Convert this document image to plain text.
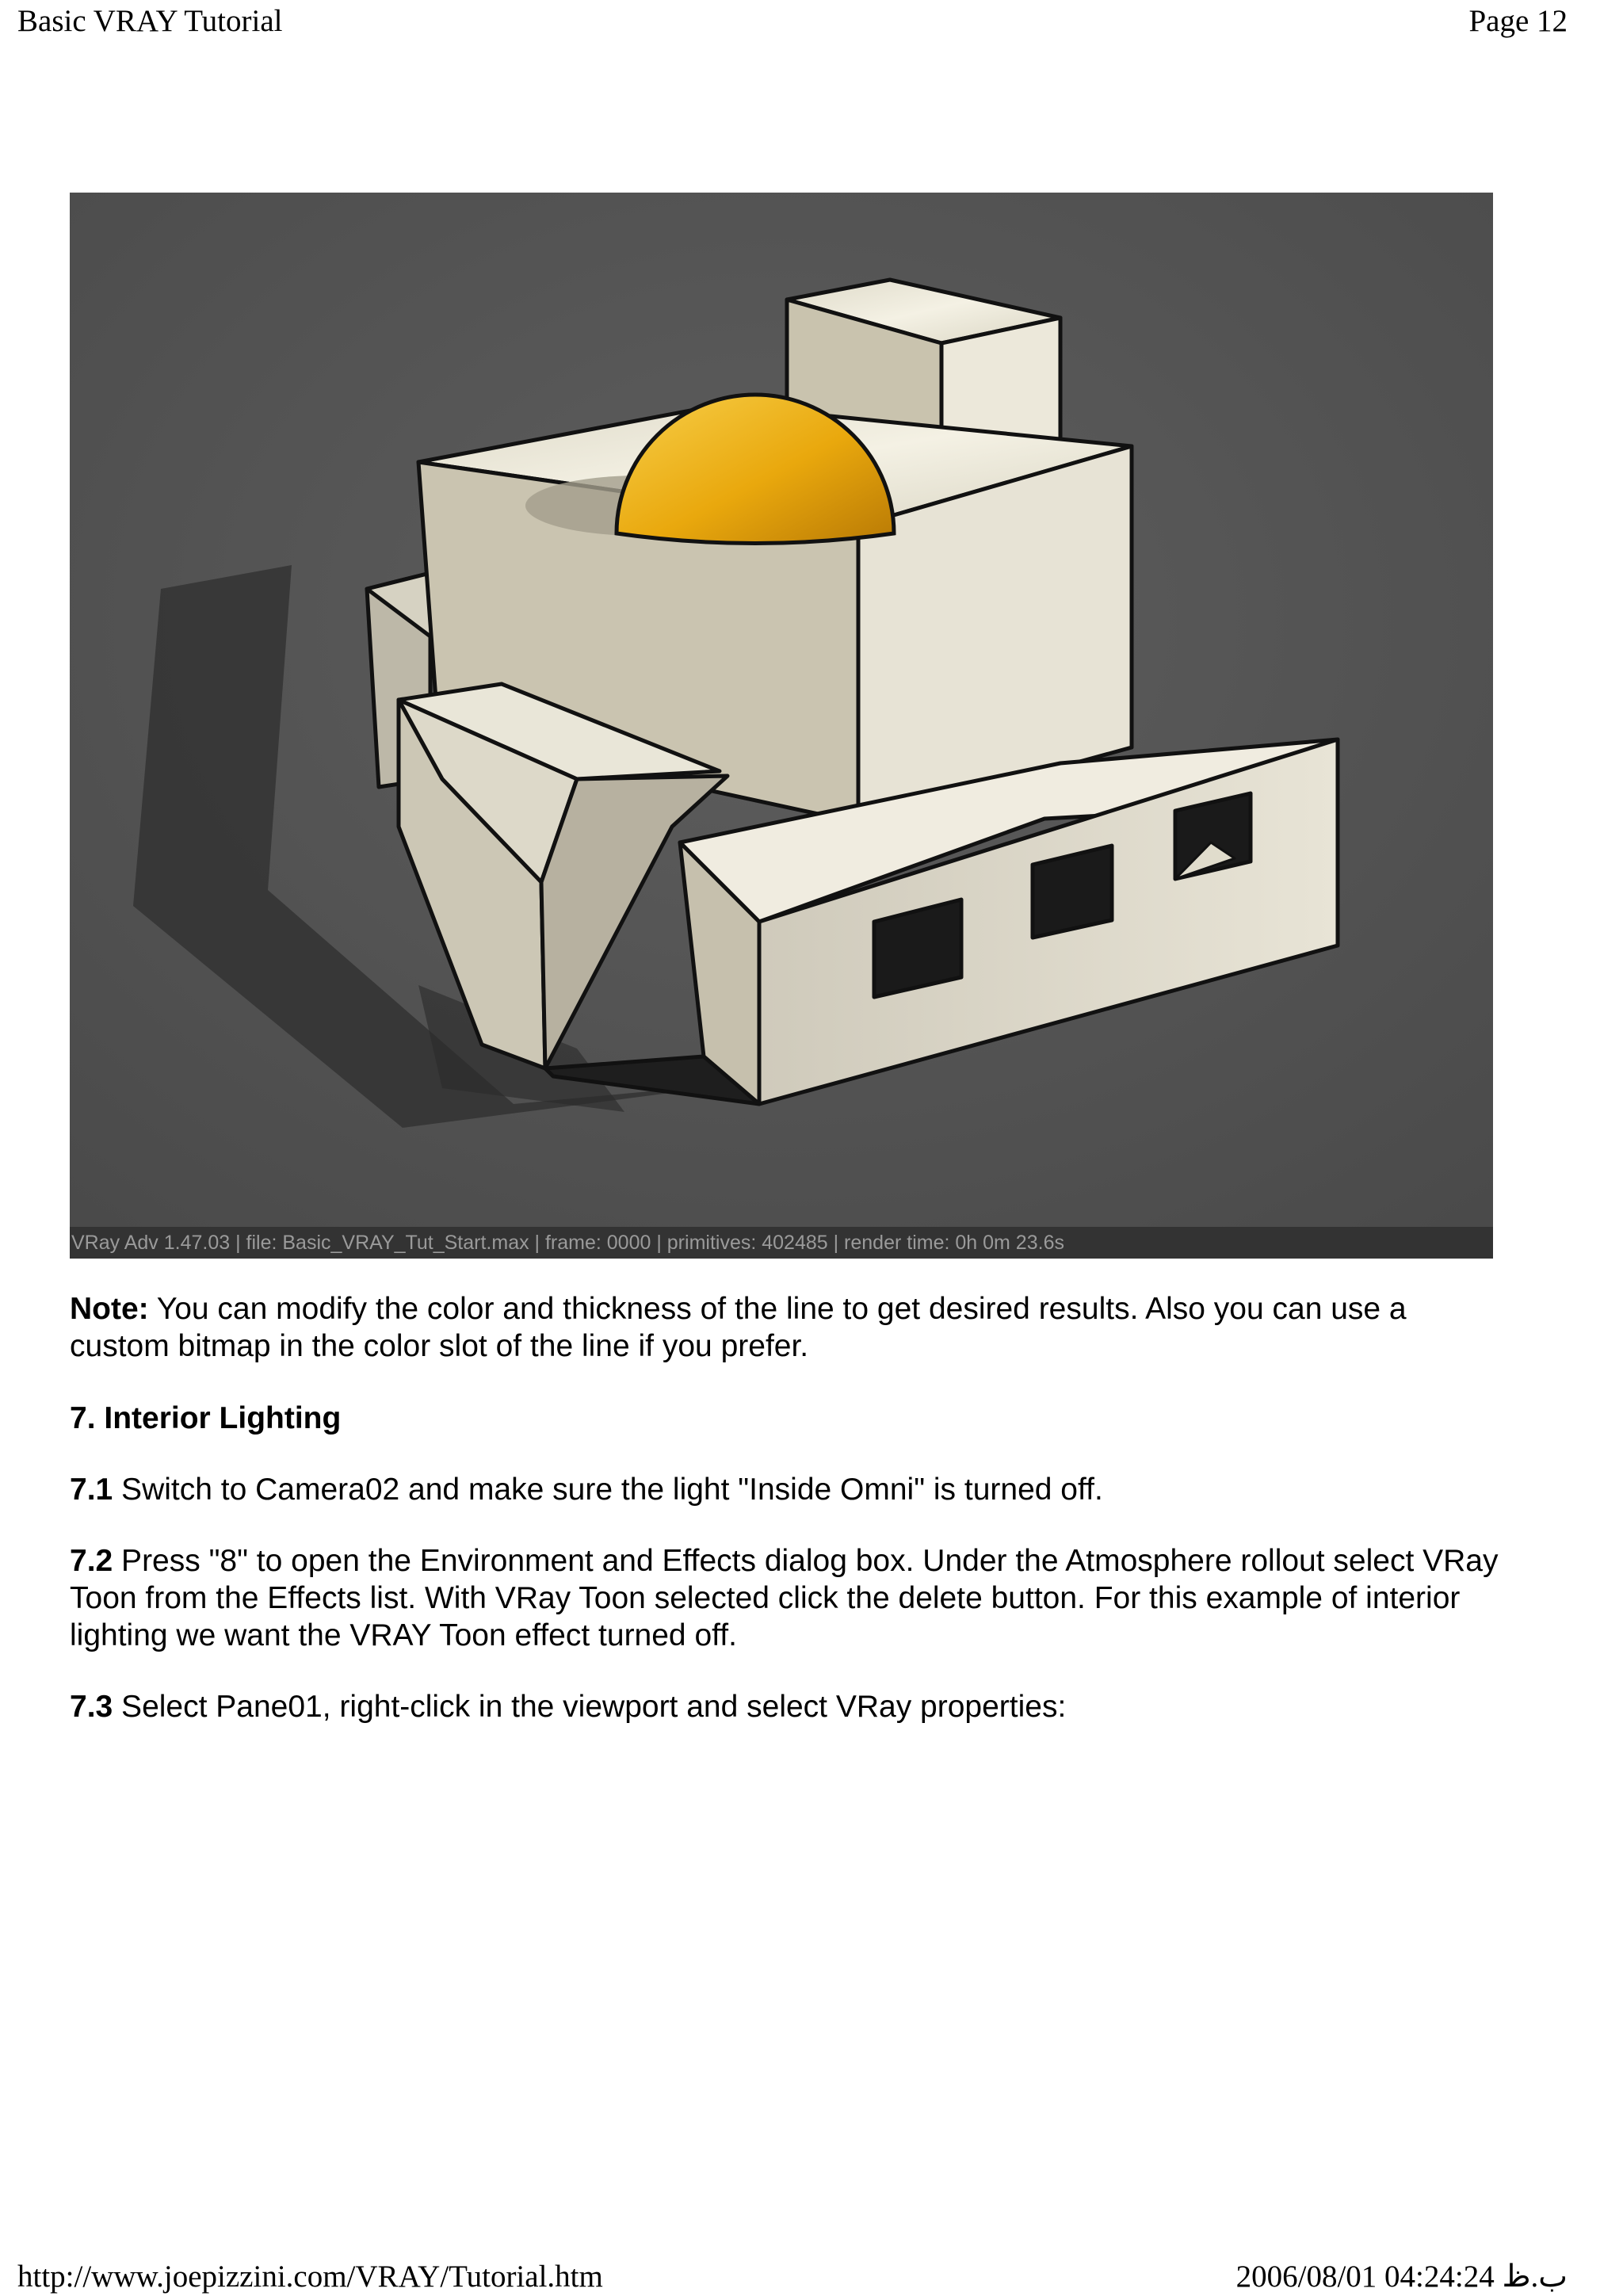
Basic VRAY Tutorial	Page 12
VRay Adv 1.47.03 | file: Basic_VRAY_Tut_Start.max | frame: 0000 | primitives: 402485 | render time: 0h 0m 23.6s
Note: You can modify the color and thickness of the line to get desired results. Also you can use a custom bitmap in the color slot of the line if you prefer.
7. Interior Lighting
7.1 Switch to Camera02 and make sure the light "Inside Omni" is turned off.
7.2 Press "8" to open the Environment and Effects dialog box. Under the Atmosphere rollout select VRay Toon from the Effects list. With VRay Toon selected click the delete button. For this example of interior lighting we want the VRAY Toon effect turned off.
7.3 Select Pane01, right-click in the viewport and select VRay properties:
http://www.joepizzini.com/VRAY/Tutorial.htm	2006/08/01 04:24:24 ب.ظ
